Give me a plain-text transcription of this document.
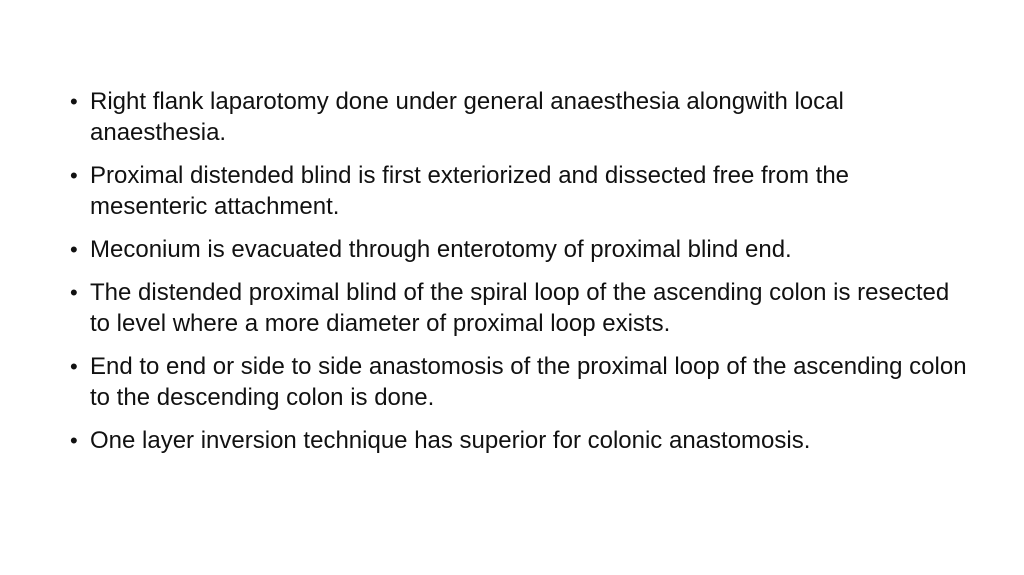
• Right flank laparotomy done under general anaesthesia alongwith local anaesthesia.
• Proximal distended blind is first exteriorized and dissected free from the mesenteric attachment.
• Meconium is evacuated through enterotomy of proximal blind end.
• The distended proximal blind of the spiral loop of the ascending colon is resected to level where a more diameter of proximal loop exists.
• End to end or side to side anastomosis of the proximal loop of the ascending colon to the descending colon is done.
• One layer inversion technique has superior for colonic anastomosis.
